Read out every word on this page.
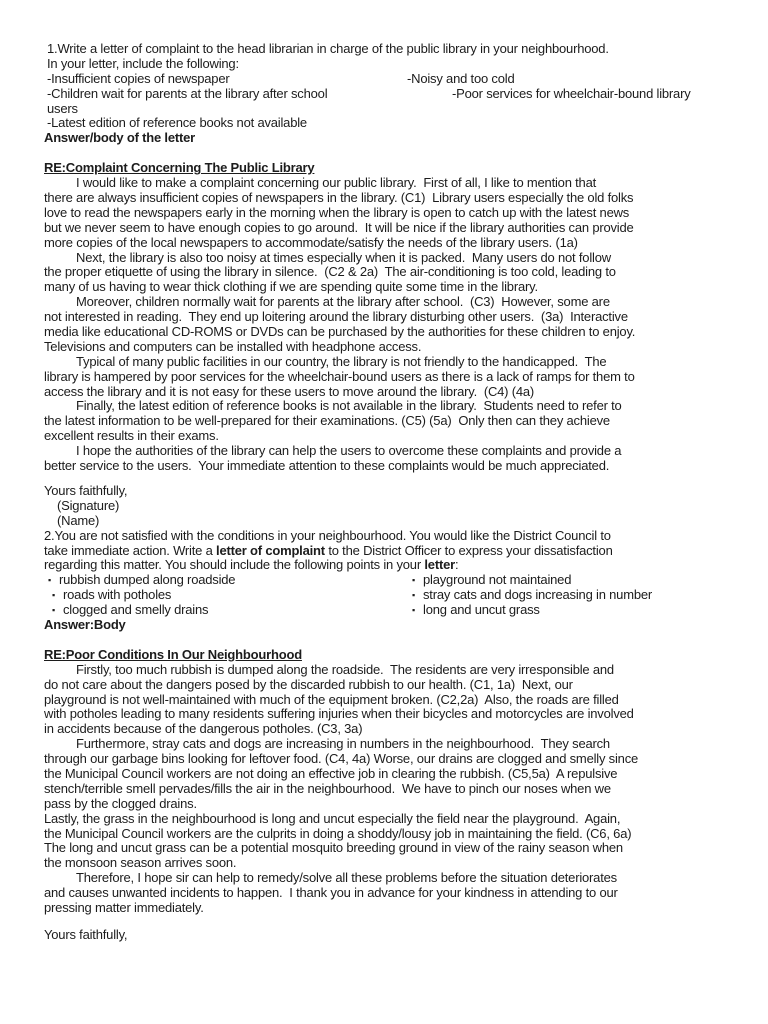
1.Write a letter of complaint to the head librarian in charge of the public library in your neighbourhood.
In your letter, include the following:
-Insufficient copies of newspaper	-Noisy and too cold
-Children wait for parents at the library after school	-Poor services for wheelchair-bound library
users
-Latest edition of reference books not available
Answer/body of the letter
RE:Complaint Concerning The Public Library
I would like to make a complaint concerning our public library.  First of all, I like to mention that
there are always insufficient copies of newspapers in the library. (C1)  Library users especially the old folks
love to read the newspapers early in the morning when the library is open to catch up with the latest news
but we never seem to have enough copies to go around.  It will be nice if the library authorities can provide
more copies of the local newspapers to accommodate/satisfy the needs of the library users. (1a)
Next, the library is also too noisy at times especially when it is packed.  Many users do not follow
the proper etiquette of using the library in silence.  (C2 & 2a)  The air-conditioning is too cold, leading to
many of us having to wear thick clothing if we are spending quite some time in the library.
Moreover, children normally wait for parents at the library after school.  (C3)  However, some are
not interested in reading.  They end up loitering around the library disturbing other users.  (3a)  Interactive
media like educational CD-ROMS or DVDs can be purchased by the authorities for these children to enjoy.
Televisions and computers can be installed with headphone access.
Typical of many public facilities in our country, the library is not friendly to the handicapped.  The
library is hampered by poor services for the wheelchair-bound users as there is a lack of ramps for them to
access the library and it is not easy for these users to move around the library.  (C4) (4a)
Finally, the latest edition of reference books is not available in the library.  Students need to refer to
the latest information to be well-prepared for their examinations. (C5) (5a)  Only then can they achieve
excellent results in their exams.
I hope the authorities of the library can help the users to overcome these complaints and provide a
better service to the users.  Your immediate attention to these complaints would be much appreciated.
Yours faithfully,
(Signature)
(Name)
2.You are not satisfied with the conditions in your neighbourhood. You would like the District Council to
take immediate action. Write a letter of complaint to the District Officer to express your dissatisfaction
regarding this matter. You should include the following points in your letter:
▪ rubbish dumped along roadside	▪ playground not maintained
▪ roads with potholes	▪ stray cats and dogs increasing in number
▪ clogged and smelly drains	▪ long and uncut grass
Answer:Body
RE:Poor Conditions In Our Neighbourhood
Firstly, too much rubbish is dumped along the roadside.  The residents are very irresponsible and
do not care about the dangers posed by the discarded rubbish to our health. (C1, 1a)  Next, our
playground is not well-maintained with much of the equipment broken. (C2,2a)  Also, the roads are filled
with potholes leading to many residents suffering injuries when their bicycles and motorcycles are involved
in accidents because of the dangerous potholes. (C3, 3a)
Furthermore, stray cats and dogs are increasing in numbers in the neighbourhood.  They search
through our garbage bins looking for leftover food. (C4, 4a) Worse, our drains are clogged and smelly since
the Municipal Council workers are not doing an effective job in clearing the rubbish. (C5,5a)  A repulsive
stench/terrible smell pervades/fills the air in the neighbourhood.  We have to pinch our noses when we
pass by the clogged drains.
Lastly, the grass in the neighbourhood is long and uncut especially the field near the playground.  Again,
the Municipal Council workers are the culprits in doing a shoddy/lousy job in maintaining the field. (C6, 6a)
The long and uncut grass can be a potential mosquito breeding ground in view of the rainy season when
the monsoon season arrives soon.
Therefore, I hope sir can help to remedy/solve all these problems before the situation deteriorates
and causes unwanted incidents to happen.  I thank you in advance for your kindness in attending to our
pressing matter immediately.
Yours faithfully,
